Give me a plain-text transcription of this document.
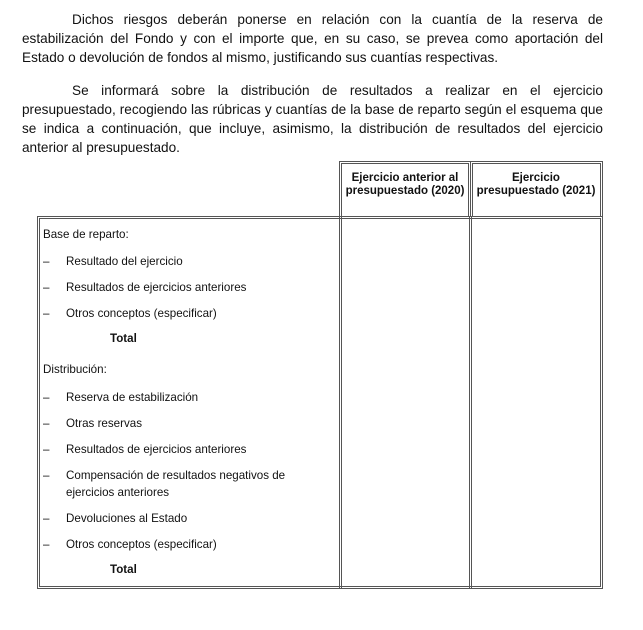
Dichos riesgos deberán ponerse en relación con la cuantía de la reserva de estabilización del Fondo y con el importe que, en su caso, se prevea como aportación del Estado o devolución de fondos al mismo, justificando sus cuantías respectivas.

Se informará sobre la distribución de resultados a realizar en el ejercicio presupuestado, recogiendo las rúbricas y cuantías de la base de reparto según el esquema que se indica a continuación, que incluye, asimismo, la distribución de resultados del ejercicio anterior al presupuestado.

Ejercicio anterior al presupuestado (2020)
Ejercicio presupuestado (2021)
Base de reparto:
– Resultado del ejercicio
– Resultados de ejercicios anteriores
– Otros conceptos (especificar)
Total
Distribución:
– Reserva de estabilización
– Otras reservas
– Resultados de ejercicios anteriores
– Compensación de resultados negativos de ejercicios anteriores
– Devoluciones al Estado
– Otros conceptos (especificar)
Total
